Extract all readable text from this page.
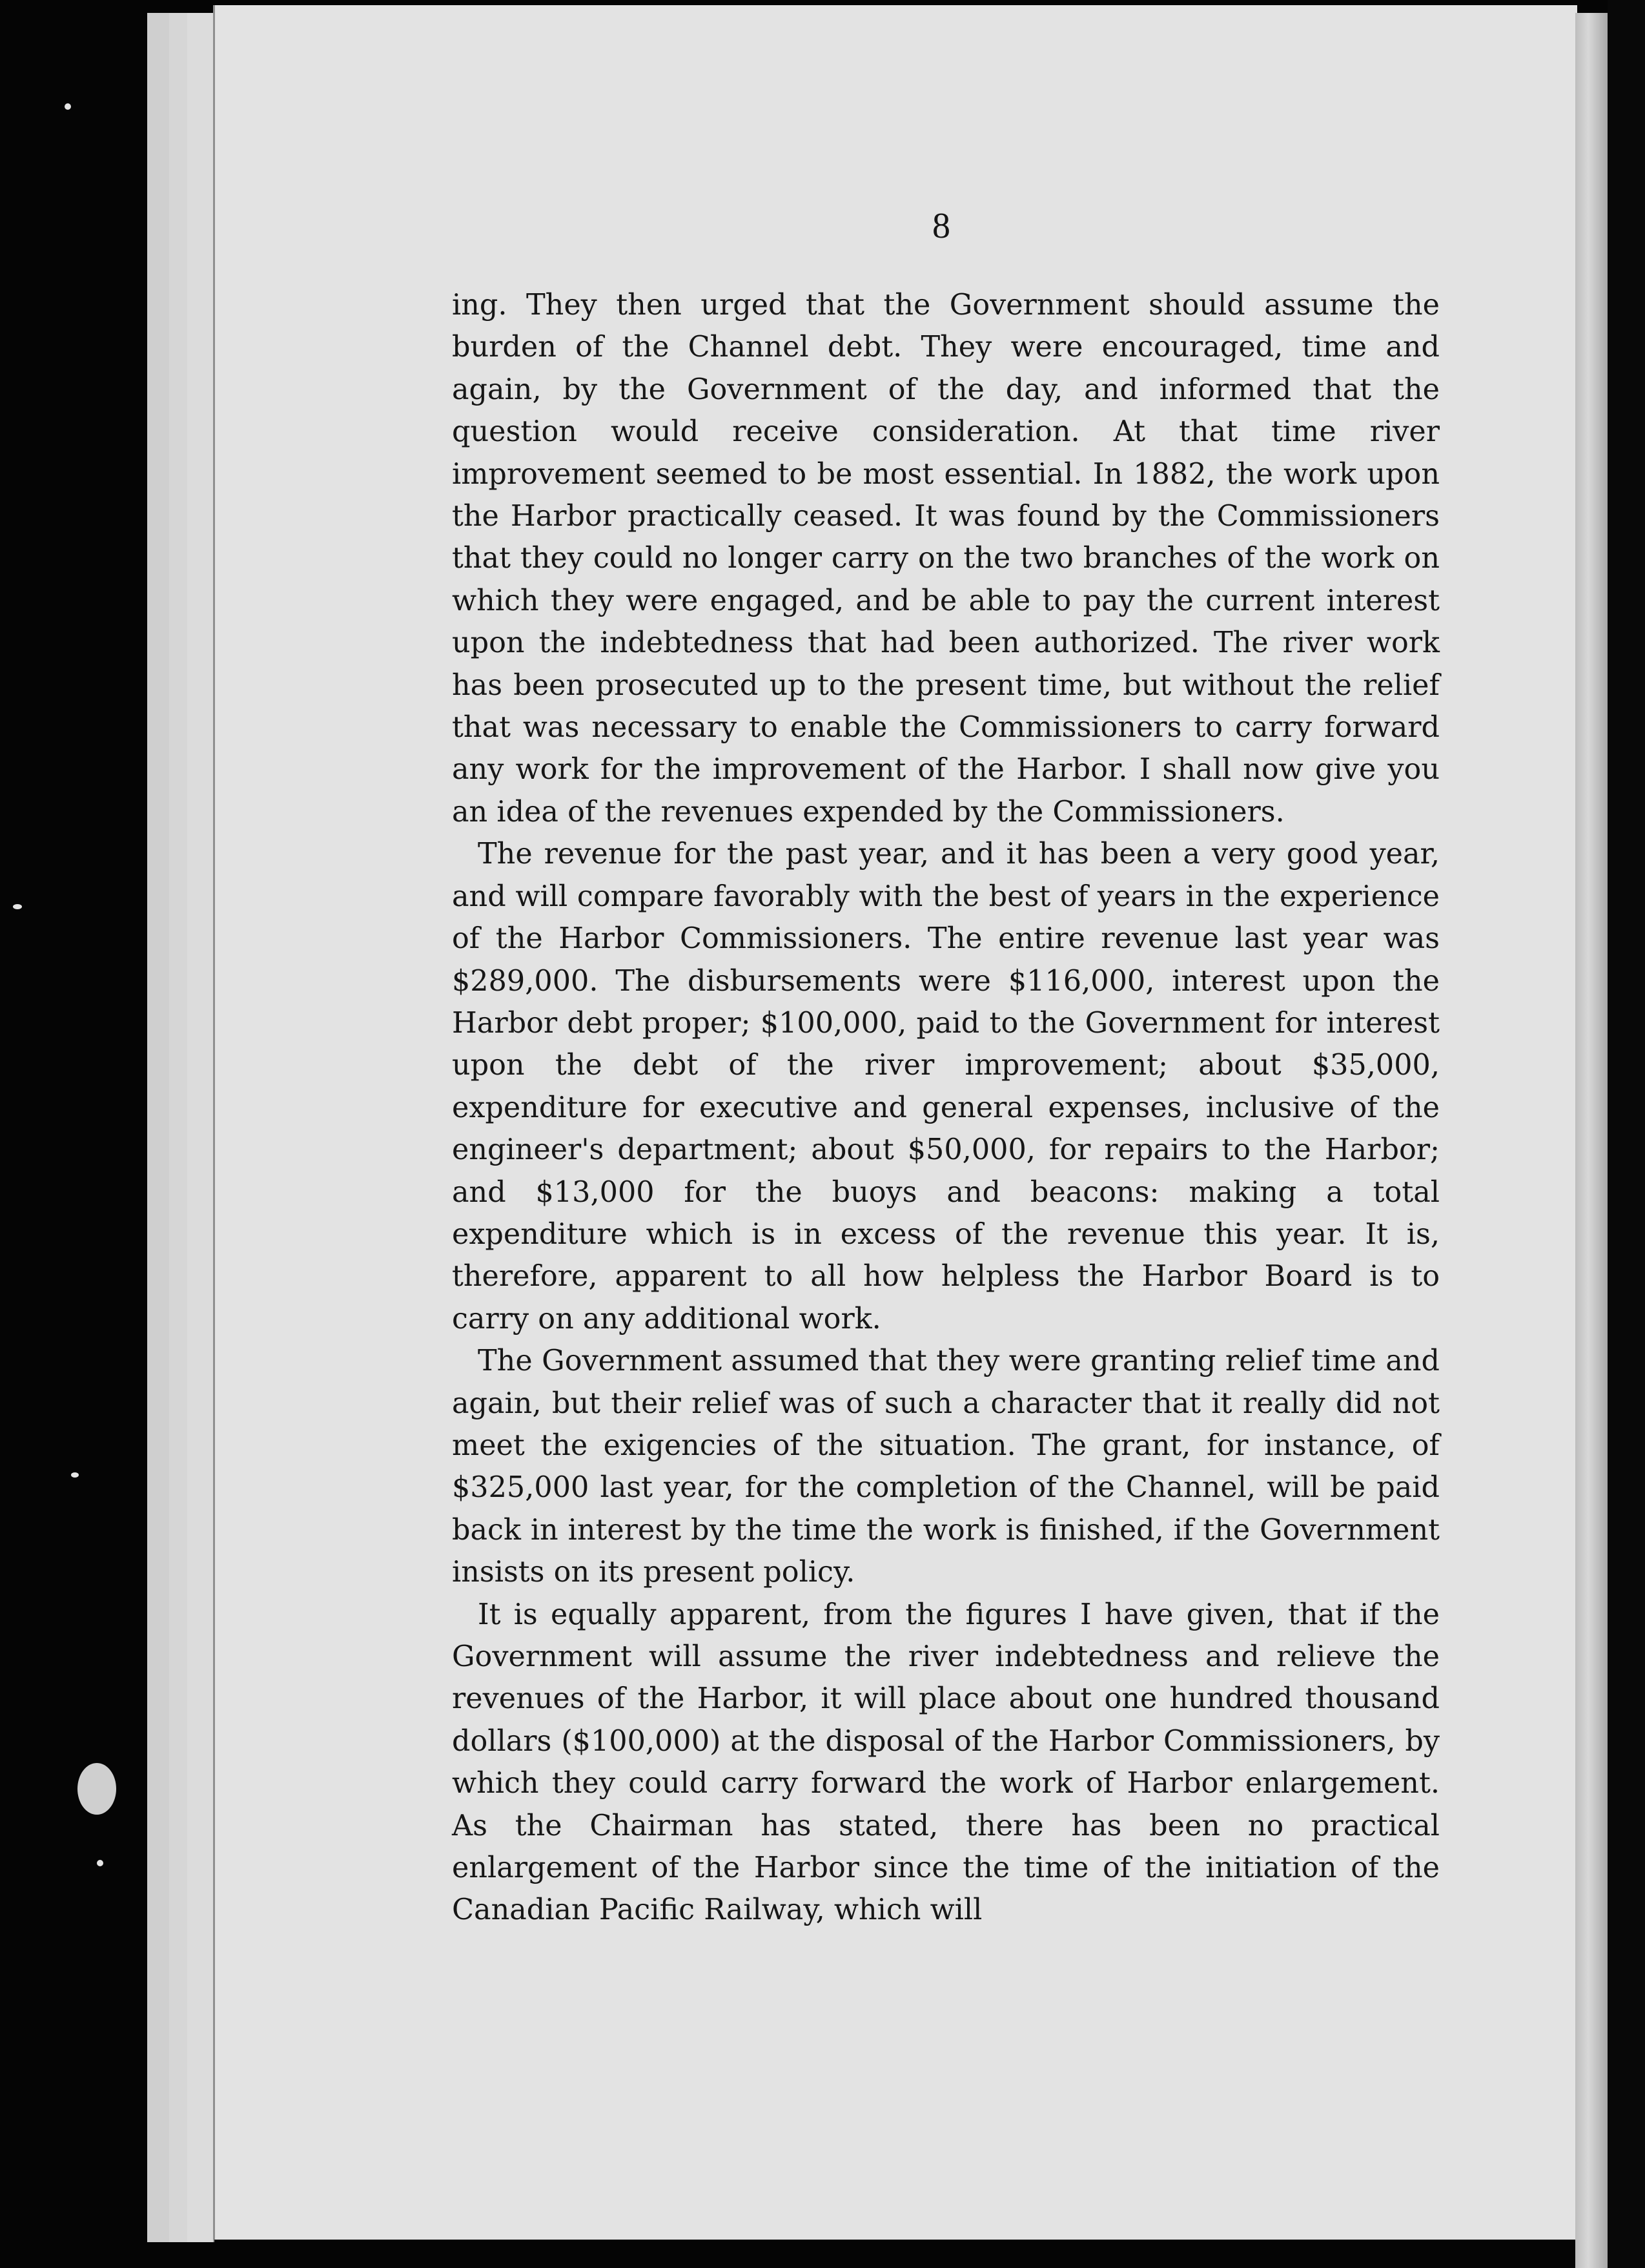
8

ing. They then urged that the Government should assume the burden of the Channel debt. They were encouraged, time and again, by the Government of the day, and informed that the question would receive consideration. At that time river improvement seemed to be most essential. In 1882, the work upon the Harbor practically ceased. It was found by the Commissioners that they could no longer carry on the two branches of the work on which they were engaged, and be able to pay the current interest upon the indebtedness that had been authorized. The river work has been prosecuted up to the present time, but without the relief that was necessary to enable the Commissioners to carry forward any work for the improvement of the Harbor. I shall now give you an idea of the revenues expended by the Commissioners.

The revenue for the past year, and it has been a very good year, and will compare favorably with the best of years in the experience of the Harbor Commissioners. The entire revenue last year was $289,000. The disbursements were $116,000, interest upon the Harbor debt proper; $100,000, paid to the Government for interest upon the debt of the river improvement; about $35,000, expenditure for executive and general expenses, inclusive of the engineer's department; about $50,000, for repairs to the Harbor; and $13,000 for the buoys and beacons: making a total expenditure which is in excess of the revenue this year. It is, therefore, apparent to all how helpless the Harbor Board is to carry on any additional work.

The Government assumed that they were granting relief time and again, but their relief was of such a character that it really did not meet the exigencies of the situation. The grant, for instance, of $325,000 last year, for the completion of the Channel, will be paid back in interest by the time the work is finished, if the Government insists on its present policy.

It is equally apparent, from the figures I have given, that if the Government will assume the river indebtedness and relieve the revenues of the Harbor, it will place about one hundred thousand dollars ($100,000) at the disposal of the Harbor Commissioners, by which they could carry forward the work of Harbor enlargement. As the Chairman has stated, there has been no practical enlargement of the Harbor since the time of the initiation of the Canadian Pacific Railway, which will
